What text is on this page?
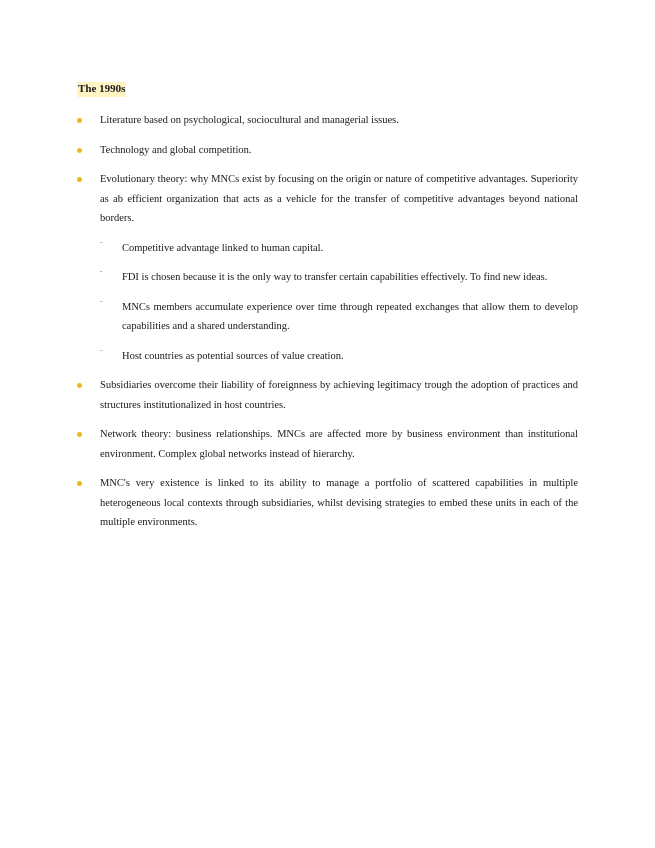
The 1990s
Literature based on psychological, sociocultural and managerial issues.
Technology and global competition.
Evolutionary theory: why MNCs exist by focusing on the origin or nature of competitive advantages. Superiority as ab efficient organization that acts as a vehicle for the transfer of competitive advantages beyond national borders.
ˉ Competitive advantage linked to human capital.
ˆ FDI is chosen because it is the only way to transfer certain capabilities effectively. To find new ideas.
ˉ MNCs members accumulate experience over time through repeated exchanges that allow them to develop capabilities and a shared understanding.
ˉ Host countries as potential sources of value creation.
Subsidiaries overcome their liability of foreignness by achieving legitimacy trough the adoption of practices and structures institutionalized in host countries.
Network theory: business relationships. MNCs are affected more by business environment than institutional environment. Complex global networks instead of hierarchy.
MNC's very existence is linked to its ability to manage a portfolio of scattered capabilities in multiple heterogeneous local contexts through subsidiaries, whilst devising strategies to embed these units in each of the multiple environments.
